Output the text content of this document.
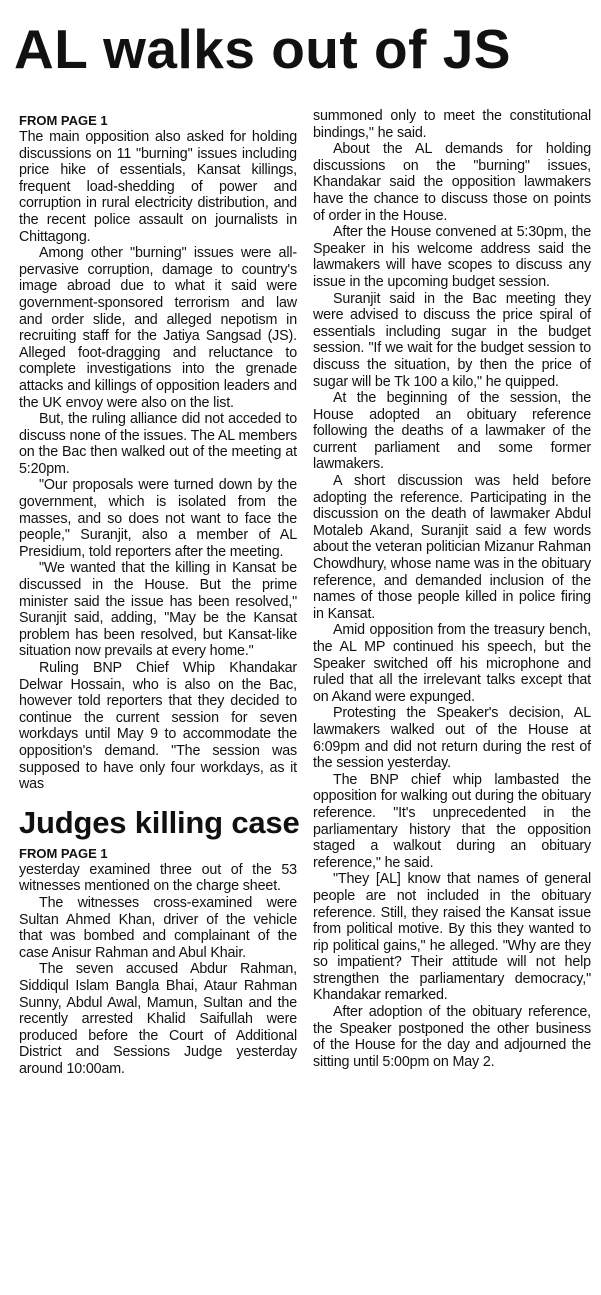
AL walks out of JS

FROM PAGE 1

The main opposition also asked for holding discussions on 11 "burning" issues including price hike of essentials, Kansat killings, frequent load-shedding of power and corruption in rural electricity distribution, and the recent police assault on journalists in Chittagong.

Among other "burning" issues were all-pervasive corruption, damage to country's image abroad due to what it said were government-sponsored terrorism and law and order slide, and alleged nepotism in recruiting staff for the Jatiya Sangsad (JS). Alleged foot-dragging and reluctance to complete investigations into the grenade attacks and killings of opposition leaders and the UK envoy were also on the list.

But, the ruling alliance did not acceded to discuss none of the issues. The AL members on the Bac then walked out of the meeting at 5:20pm.

"Our proposals were turned down by the government, which is isolated from the masses, and so does not want to face the people," Suranjit, also a member of AL Presidium, told reporters after the meeting.

"We wanted that the killing in Kansat be discussed in the House. But the prime minister said the issue has been resolved," Suranjit said, adding, "May be the Kansat problem has been resolved, but Kansat-like situation now prevails at every home."

Ruling BNP Chief Whip Khandakar Delwar Hossain, who is also on the Bac, however told reporters that they decided to continue the current session for seven workdays until May 9 to accommodate the opposition's demand. "The session was supposed to have only four workdays, as it was

Judges killing case

FROM PAGE 1

yesterday examined three out of the 53 witnesses mentioned on the charge sheet.

The witnesses cross-examined were Sultan Ahmed Khan, driver of the vehicle that was bombed and complainant of the case Anisur Rahman and Abul Khair.

The seven accused Abdur Rahman, Siddiqul Islam Bangla Bhai, Ataur Rahman Sunny, Abdul Awal, Mamun, Sultan and the recently arrested Khalid Saifullah were produced before the Court of Additional District and Sessions Judge yesterday around 10:00am.

summoned only to meet the constitutional bindings," he said.

About the AL demands for holding discussions on the "burning" issues, Khandakar said the opposition lawmakers have the chance to discuss those on points of order in the House.

After the House convened at 5:30pm, the Speaker in his welcome address said the lawmakers will have scopes to discuss any issue in the upcoming budget session.

Suranjit said in the Bac meeting they were advised to discuss the price spiral of essentials including sugar in the budget session. "If we wait for the budget session to discuss the situation, by then the price of sugar will be Tk 100 a kilo," he quipped.

At the beginning of the session, the House adopted an obituary reference following the deaths of a lawmaker of the current parliament and some former lawmakers.

A short discussion was held before adopting the reference. Participating in the discussion on the death of lawmaker Abdul Motaleb Akand, Suranjit said a few words about the veteran politician Mizanur Rahman Chowdhury, whose name was in the obituary reference, and demanded inclusion of the names of those people killed in police firing in Kansat.

Amid opposition from the treasury bench, the AL MP continued his speech, but the Speaker switched off his microphone and ruled that all the irrelevant talks except that on Akand were expunged.

Protesting the Speaker's decision, AL lawmakers walked out of the House at 6:09pm and did not return during the rest of the session yesterday.

The BNP chief whip lambasted the opposition for walking out during the obituary reference. "It's unprecedented in the parliamentary history that the opposition staged a walkout during an obituary reference," he said.

"They [AL] know that names of general people are not included in the obituary reference. Still, they raised the Kansat issue from political motive. By this they wanted to rip political gains," he alleged. "Why are they so impatient? Their attitude will not help strengthen the parliamentary democracy," Khandakar remarked.

After adoption of the obituary reference, the Speaker postponed the other business of the House for the day and adjourned the sitting until 5:00pm on May 2.
